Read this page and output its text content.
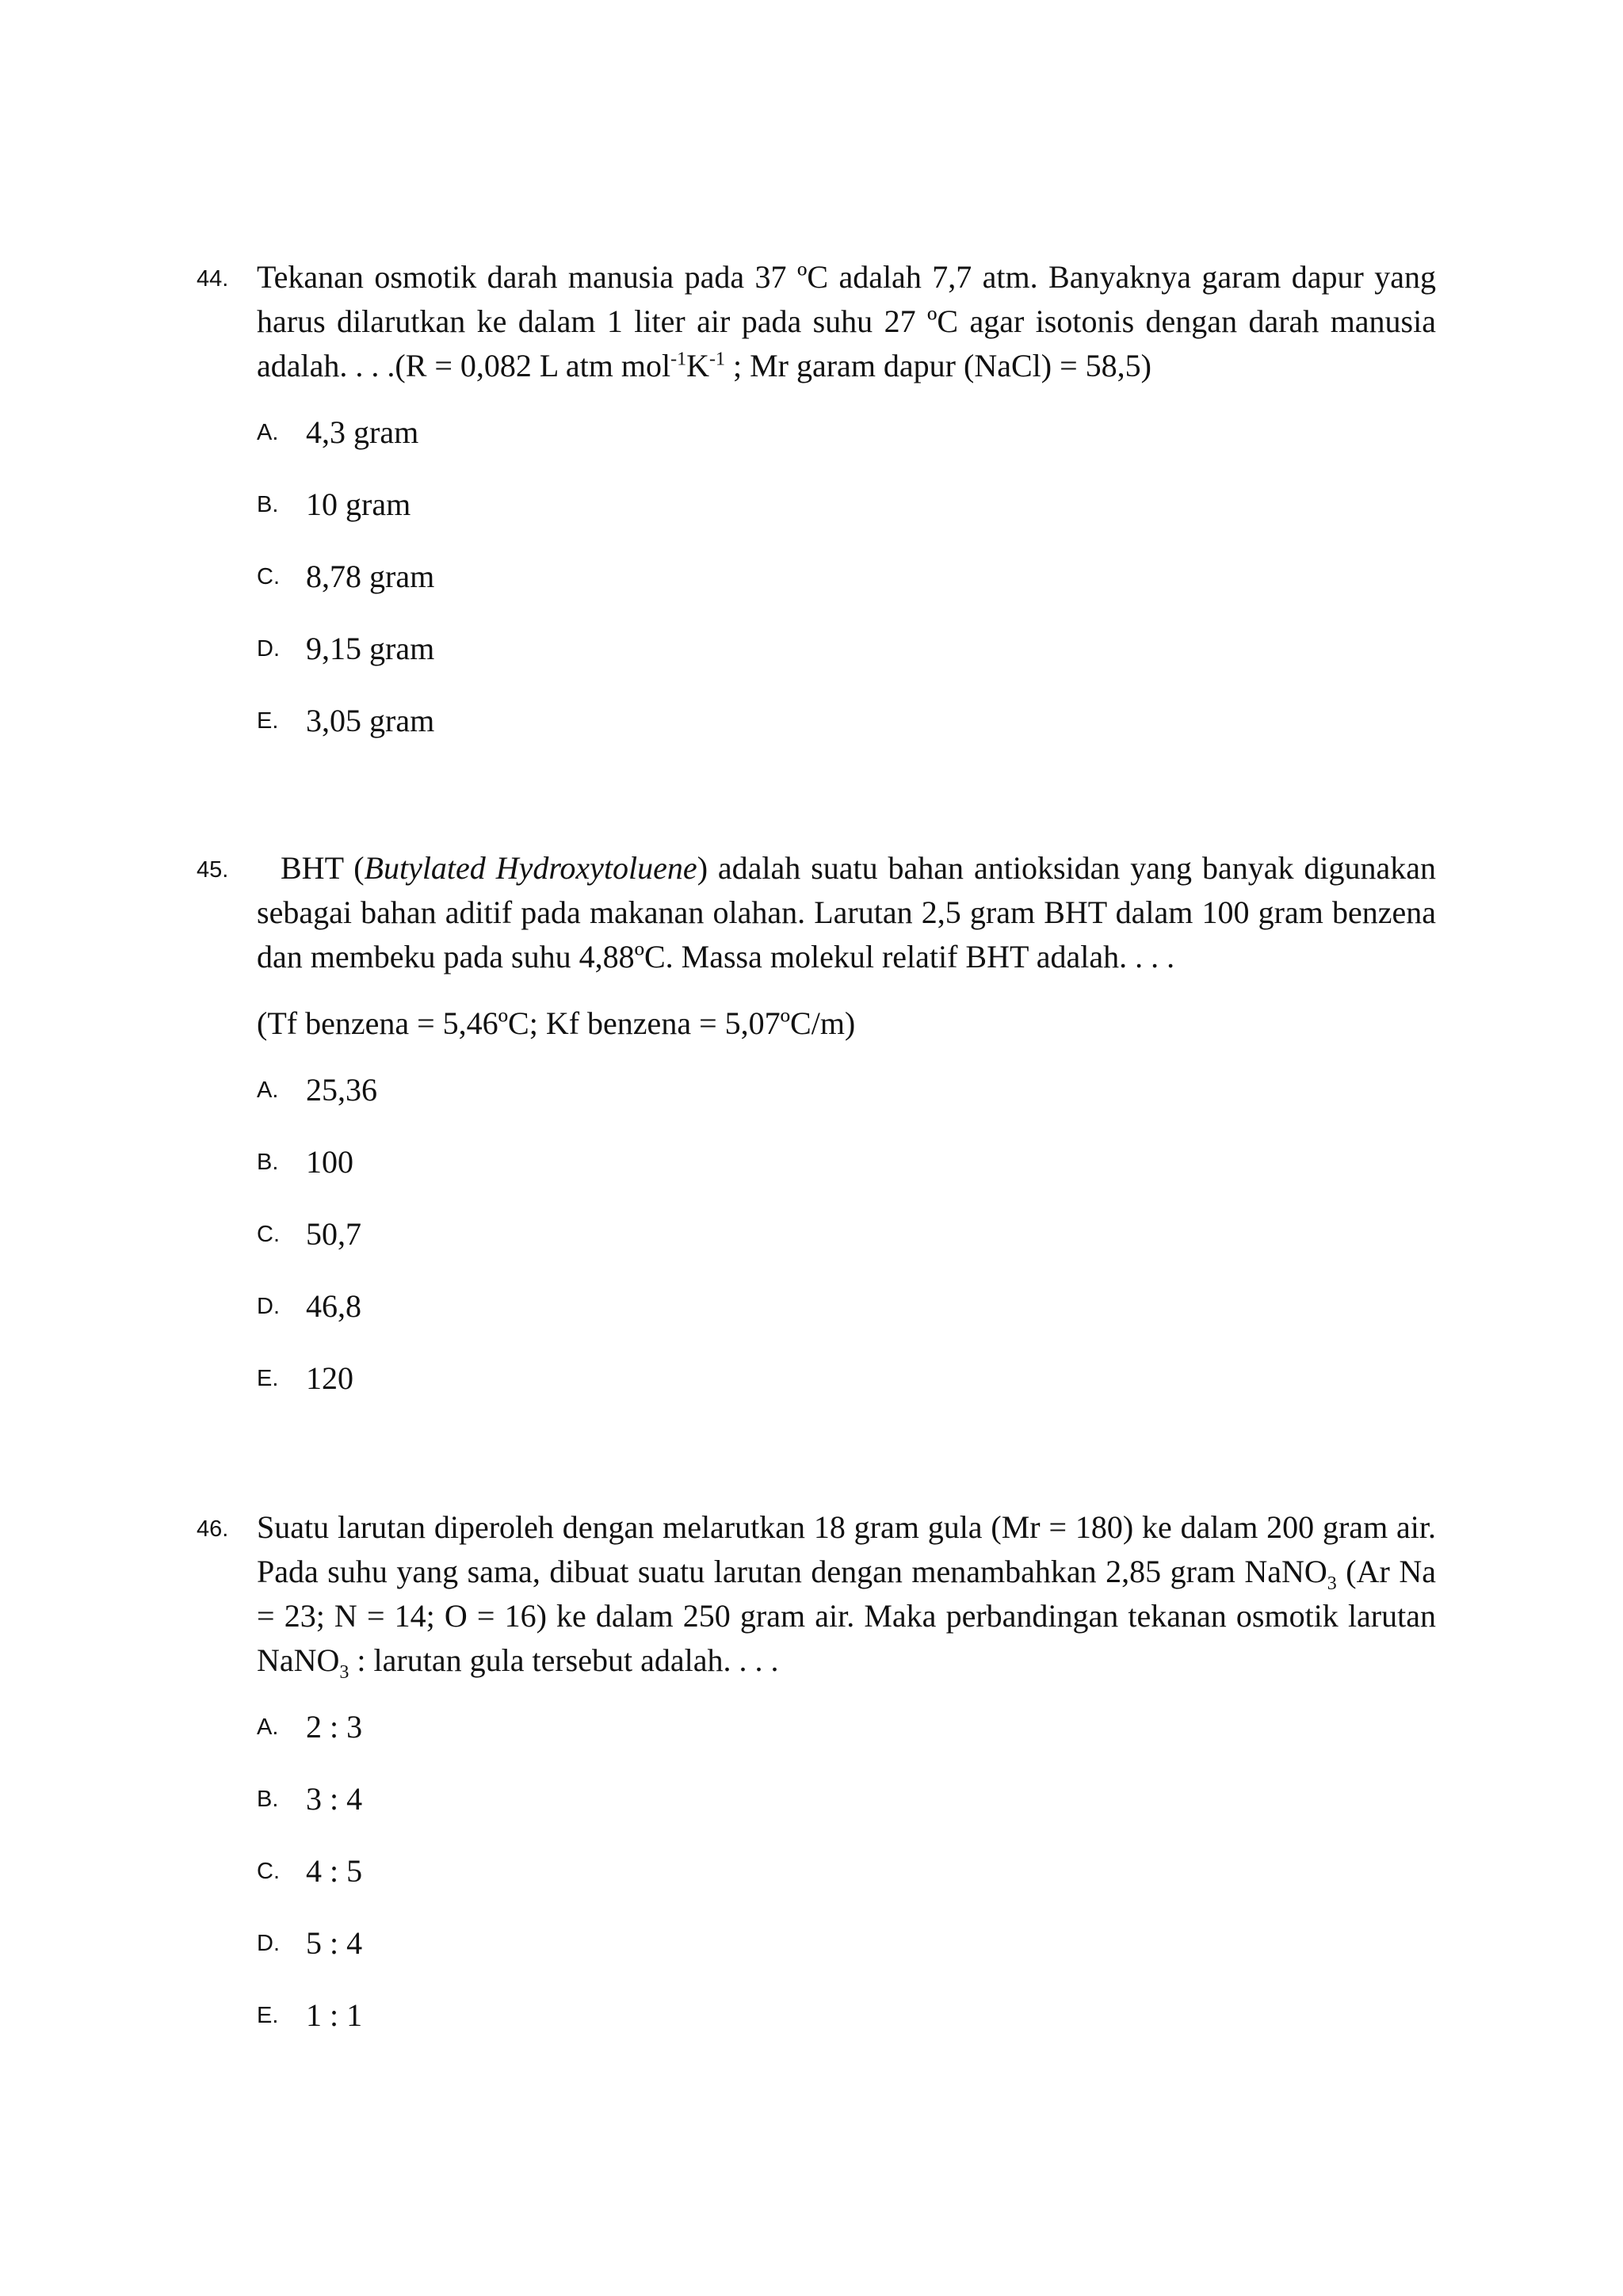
44. Tekanan osmotik darah manusia pada 37 ºC adalah 7,7 atm. Banyaknya garam dapur yang harus dilarutkan ke dalam 1 liter air pada suhu 27 ºC agar isotonis dengan darah manusia adalah. . . .(R = 0,082 L atm $mol^{-1}K^{-1}$ ; Mr garam dapur (NaCl) = 58,5)
A. 4,3 gram
B. 10 gram
C. 8,78 gram
D. 9,15 gram
E. 3,05 gram
45.	BHT (Butylated Hydroxytoluene) adalah suatu bahan antioksidan yang banyak digunakan sebagai bahan aditif pada makanan olahan. Larutan 2,5 gram BHT dalam 100 gram benzena dan membeku pada suhu 4,88ºC. Massa molekul relatif BHT adalah. . . .
(Tf benzena = 5,46ºC; Kf benzena = 5,07ºC/m)
A. 25,36
B. 100
C. 50,7
D. 46,8
E. 120
46. Suatu larutan diperoleh dengan melarutkan 18 gram gula (Mr = 180) ke dalam 200 gram air. Pada suhu yang sama, dibuat suatu larutan dengan menambahkan 2,85 gram NaNO$_3$ (Ar Na = 23; N = 14; O = 16) ke dalam 250 gram air. Maka perbandingan tekanan osmotik larutan NaNO$_3$ : larutan gula tersebut adalah. . . .
A. 2 : 3
B. 3 : 4
C. 4 : 5
D. 5 : 4
E. 1 : 1
